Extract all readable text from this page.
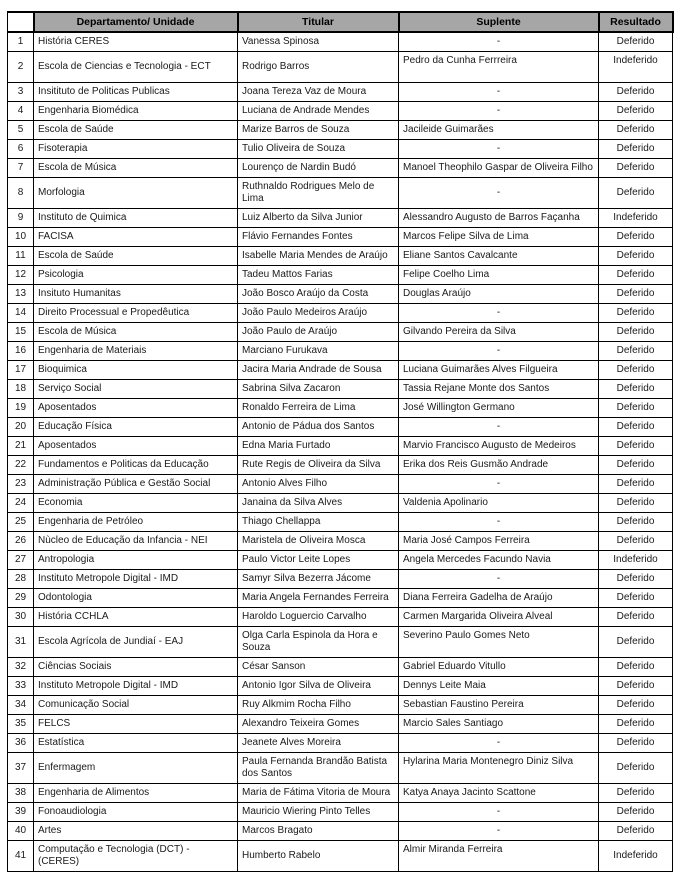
	Departamento/ Unidade	Titular	Suplente	Resultado
1	História CERES	Vanessa Spinosa	-	Deferido
2	Escola de Ciencias e Tecnologia - ECT	Rodrigo Barros	Pedro da Cunha Ferrreira	Indeferido
3	Insitituto de Politicas Publicas	Joana Tereza Vaz de Moura	-	Deferido
4	Engenharia Biomédica	Luciana de Andrade Mendes	-	Deferido
5	Escola de Saúde	Marize Barros de Souza	Jacileide Guimarães	Deferido
6	Fisoterapia	Tulio Oliveira de Souza	-	Deferido
7	Escola de Música	Lourenço de Nardin Budó	Manoel Theophilo Gaspar de Oliveira Filho	Deferido
8	Morfologia	Ruthnaldo Rodrigues Melo de Lima	-	Deferido
9	Instituto de Quimica	Luiz Alberto da Silva Junior	Alessandro Augusto de Barros Façanha	Indeferido
10	FACISA	Flávio Fernandes Fontes	Marcos Felipe Silva de Lima	Deferido
11	Escola de Saúde	Isabelle Maria Mendes de Araújo	Eliane Santos Cavalcante	Deferido
12	Psicologia	Tadeu Mattos Farias	Felipe Coelho Lima	Deferido
13	Insituto Humanitas	João Bosco Araújo da Costa	Douglas Araújo	Deferido
14	Direito Processual e Propedêutica	João Paulo Medeiros Araújo	-	Deferido
15	Escola de Música	João Paulo de Araújo	Gilvando Pereira da Silva	Deferido
16	Engenharia de Materiais	Marciano Furukava	-	Deferido
17	Bioquimica	Jacira Maria Andrade de Sousa	Luciana Guimarães Alves Filgueira	Deferido
18	Serviço Social	Sabrina Silva Zacaron	Tassia Rejane Monte dos Santos	Deferido
19	Aposentados	Ronaldo Ferreira de Lima	José Willington Germano	Deferido
20	Educação Física	Antonio de Pádua dos Santos	-	Deferido
21	Aposentados	Edna Maria Furtado	Marvio Francisco Augusto de Medeiros	Deferido
22	Fundamentos e Politicas da Educação	Rute Regis de Oliveira da Silva	Erika dos Reis Gusmão Andrade	Deferido
23	Administração Pública e Gestão Social	Antonio Alves Filho	-	Deferido
24	Economia	Janaina da Silva Alves	Valdenia Apolinario	Deferido
25	Engenharia de Petróleo	Thiago Chellappa	-	Deferido
26	Nùcleo de Educação da Infancia - NEI	Maristela de Oliveira Mosca	Maria José Campos Ferreira	Deferido
27	Antropologia	Paulo Victor Leite Lopes	Angela Mercedes Facundo Navia	Indeferido
28	Instituto Metropole Digital - IMD	Samyr Silva Bezerra Jácome	-	Deferido
29	Odontologia	Maria Angela Fernandes Ferreira	Diana Ferreira Gadelha de Araújo	Deferido
30	História CCHLA	Haroldo Loguercio Carvalho	Carmen Margarida Oliveira Alveal	Deferido
31	Escola Agrícola de Jundiaí - EAJ	Olga Carla Espinola da Hora e Souza	Severino Paulo Gomes Neto	Deferido
32	Ciências Sociais	César Sanson	Gabriel Eduardo Vitullo	Deferido
33	Instituto Metropole Digital - IMD	Antonio Igor Silva de Oliveira	Dennys Leite Maia	Deferido
34	Comunicação Social	Ruy Alkmim Rocha Filho	Sebastian Faustino Pereira	Deferido
35	FELCS	Alexandro Teixeira Gomes	Marcio Sales Santiago	Deferido
36	Estatística	Jeanete Alves Moreira	-	Deferido
37	Enfermagem	Paula Fernanda Brandão Batista dos Santos	Hylarina Maria Montenegro Diniz Silva	Deferido
38	Engenharia de Alimentos	Maria de Fátima Vitoria de Moura	Katya Anaya Jacinto Scattone	Deferido
39	Fonoaudiologia	Mauricio Wiering Pinto Telles	-	Deferido
40	Artes	Marcos Bragato	-	Deferido
41	Computação e Tecnologia (DCT) - (CERES)	Humberto Rabelo	Almir Miranda Ferreira	Indeferido
